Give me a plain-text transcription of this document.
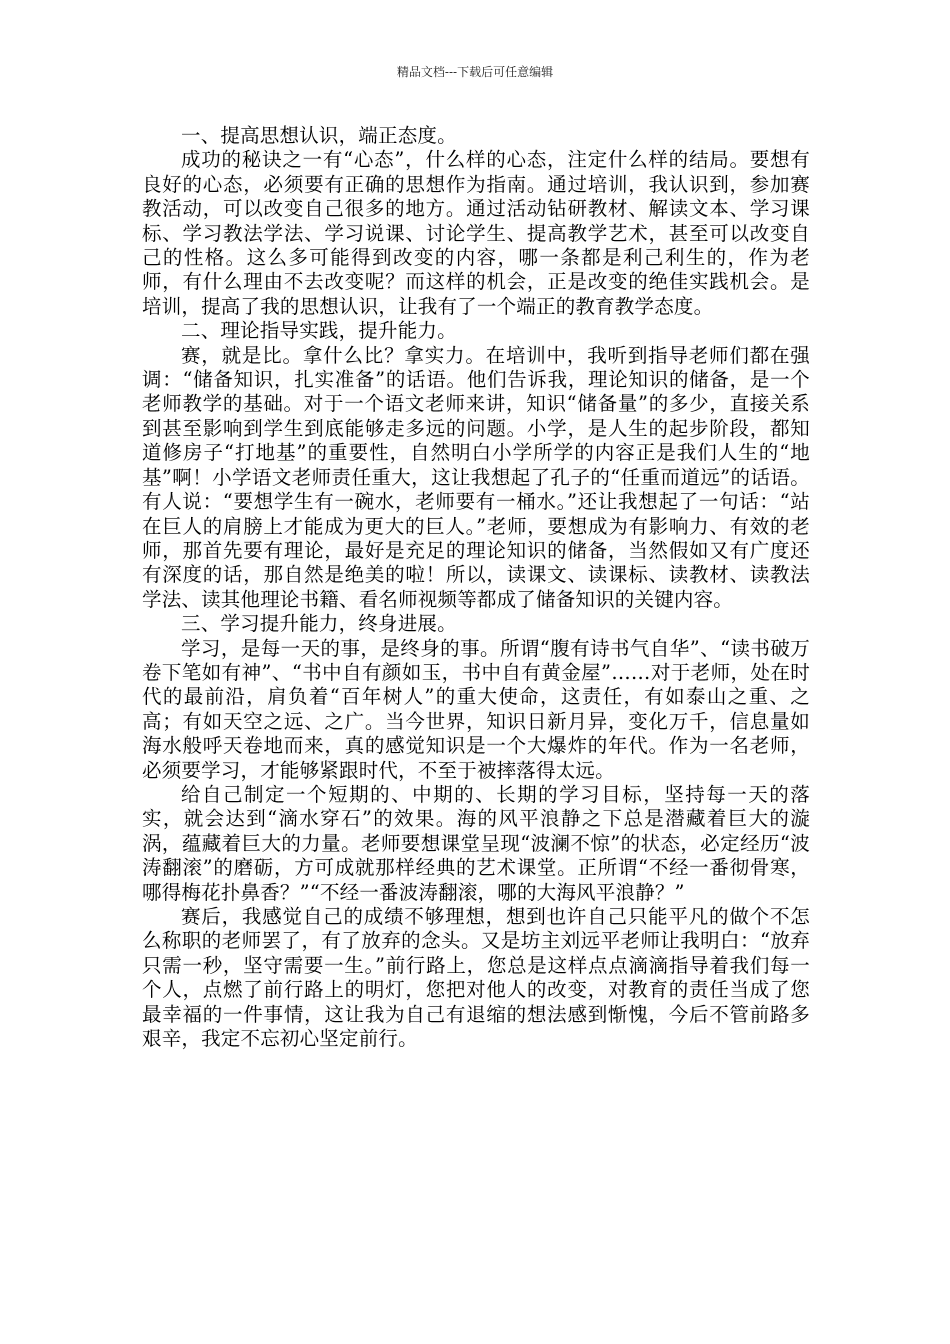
精品文档---下载后可任意编辑

一、提高思想认识，端正态度。

成功的秘诀之一有“心态”，什么样的心态，注定什么样的结局。要想有良好的心态，必须要有正确的思想作为指南。通过培训，我认识到，参加赛教活动，可以改变自己很多的地方。通过活动钻研教材、解读文本、学习课标、学习教法学法、学习说课、讨论学生、提高教学艺术，甚至可以改变自己的性格。这么多可能得到改变的内容，哪一条都是利己利生的，作为老师，有什么理由不去改变呢？而这样的机会，正是改变的绝佳实践机会。是培训，提高了我的思想认识，让我有了一个端正的教育教学态度。

二、理论指导实践，提升能力。

赛，就是比。拿什么比？拿实力。在培训中，我听到指导老师们都在强调：“储备知识，扎实准备”的话语。他们告诉我，理论知识的储备，是一个老师教学的基础。对于一个语文老师来讲，知识“储备量”的多少，直接关系到甚至影响到学生到底能够走多远的问题。小学，是人生的起步阶段，都知道修房子“打地基”的重要性，自然明白小学所学的内容正是我们人生的“地基”啊！小学语文老师责任重大，这让我想起了孔子的“任重而道远”的话语。有人说：“要想学生有一碗水，老师要有一桶水。”还让我想起了一句话：“站在巨人的肩膀上才能成为更大的巨人。”老师，要想成为有影响力、有效的老师，那首先要有理论，最好是充足的理论知识的储备，当然假如又有广度还有深度的话，那自然是绝美的啦！所以，读课文、读课标、读教材、读教法学法、读其他理论书籍、看名师视频等都成了储备知识的关键内容。

三、学习提升能力，终身进展。

学习，是每一天的事，是终身的事。所谓“腹有诗书气自华”、“读书破万卷下笔如有神”、“书中自有颜如玉，书中自有黄金屋”……对于老师，处在时代的最前沿，肩负着“百年树人”的重大使命，这责任，有如泰山之重、之高；有如天空之远、之广。当今世界，知识日新月异，变化万千，信息量如海水般呼天卷地而来，真的感觉知识是一个大爆炸的年代。作为一名老师，必须要学习，才能够紧跟时代，不至于被摔落得太远。

给自己制定一个短期的、中期的、长期的学习目标，坚持每一天的落实，就会达到“滴水穿石”的效果。海的风平浪静之下总是潜藏着巨大的漩涡，蕴藏着巨大的力量。老师要想课堂呈现“波澜不惊”的状态，必定经历“波涛翻滚”的磨砺，方可成就那样经典的艺术课堂。正所谓“不经一番彻骨寒，哪得梅花扑鼻香？”“不经一番波涛翻滚，哪的大海风平浪静？”

赛后，我感觉自己的成绩不够理想，想到也许自己只能平凡的做个不怎么称职的老师罢了，有了放弃的念头。又是坊主刘远平老师让我明白：“放弃只需一秒，坚守需要一生。”前行路上，您总是这样点点滴滴指导着我们每一个人，点燃了前行路上的明灯，您把对他人的改变，对教育的责任当成了您最幸福的一件事情，这让我为自己有退缩的想法感到惭愧，今后不管前路多艰辛，我定不忘初心坚定前行。
